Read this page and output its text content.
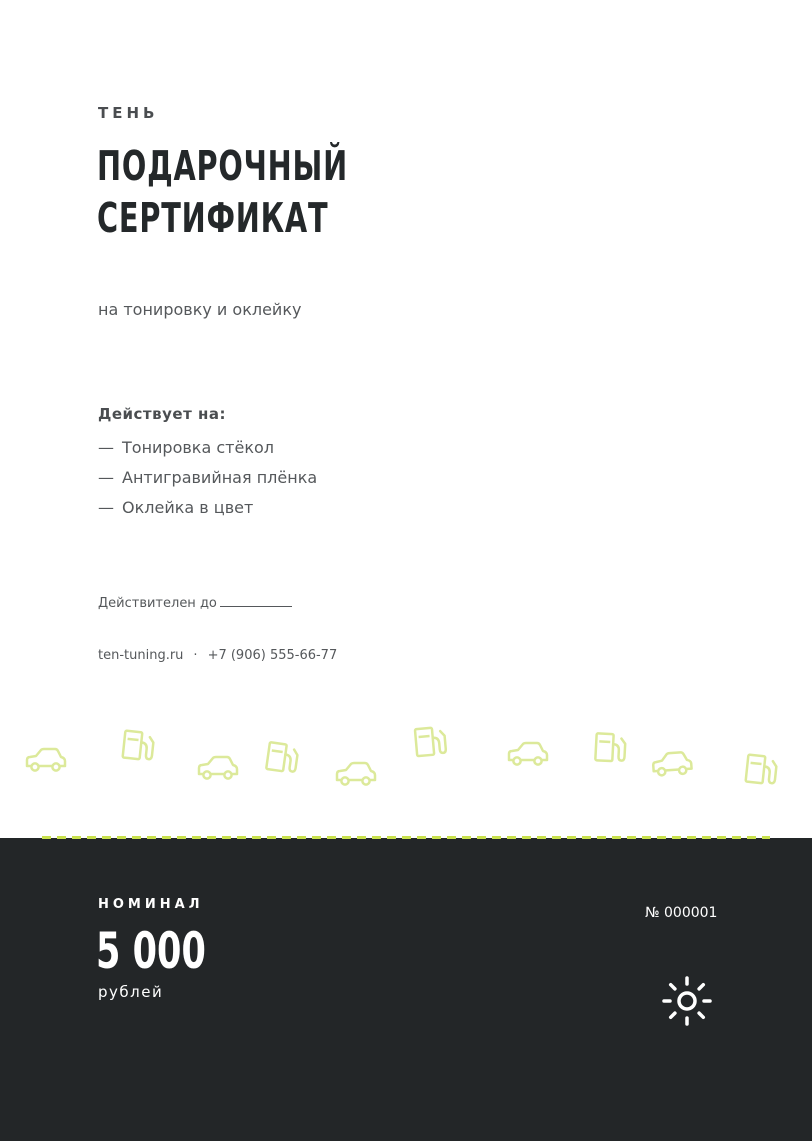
ТЕНЬ
ПОДАРОЧНЫЙ
СЕРТИФИКАТ
на тонировку и оклейку
Действует на:
— Тонировка стёкол
— Антигравийная плёнка
— Оклейка в цвет
Действителен до
ten-tuning.ru · +7 (906) 555-66-77
НОМИНАЛ
5 000
рублей
№ 000001
